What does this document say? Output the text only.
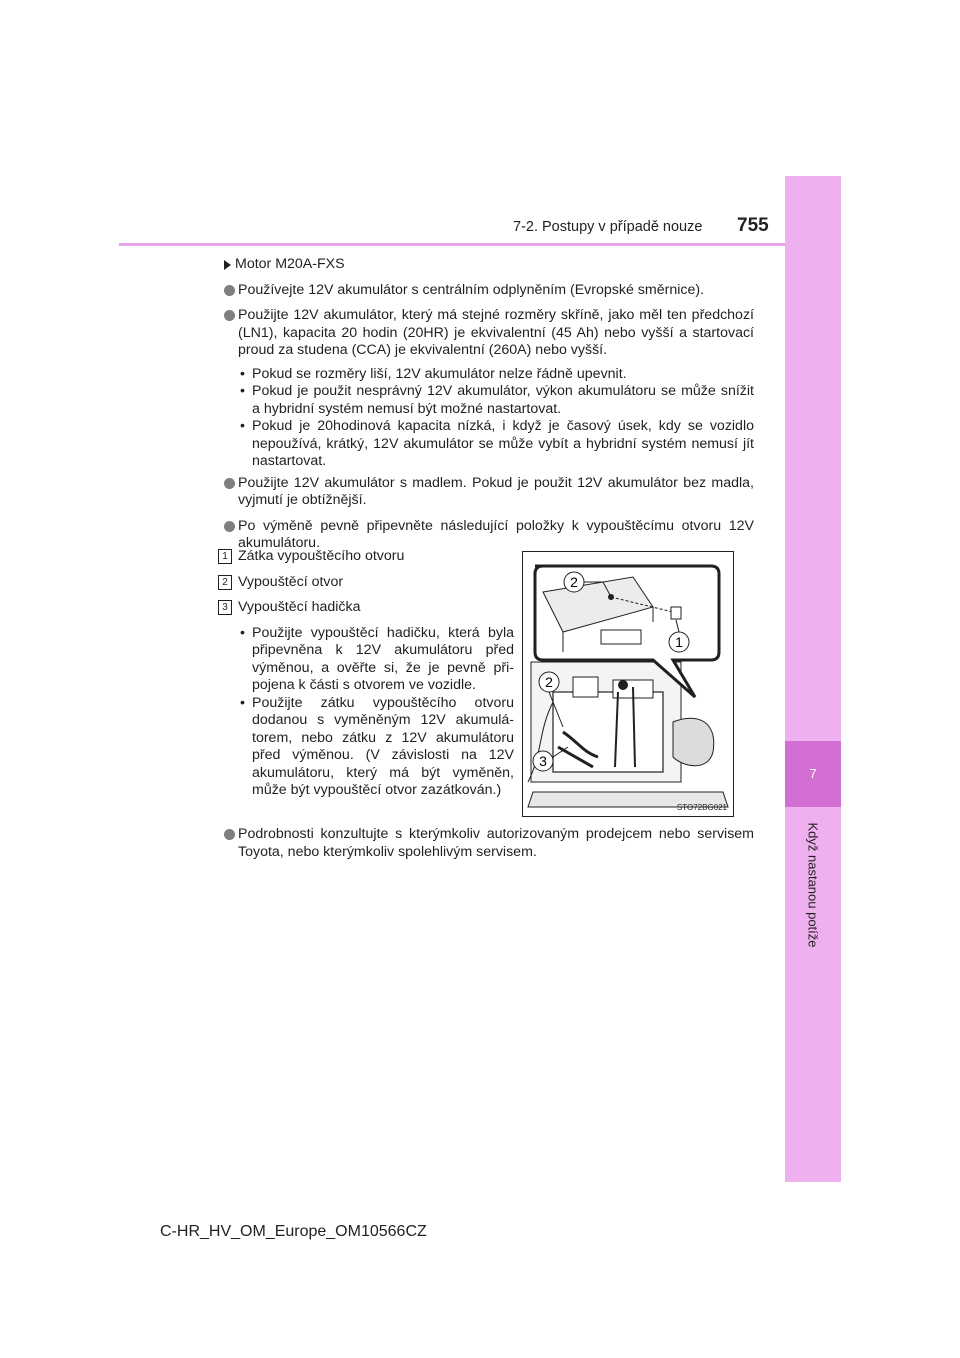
7
Když nastanou potíže
7-2. Postupy v případě nouze 755
Motor M20A-FXS
Používejte 12V akumulátor s centrálním odplyněním (Evropské směrnice).
Použijte 12V akumulátor, který má stejné rozměry skříně, jako měl ten předchozí (LN1), kapacita 20 hodin (20HR) je ekvivalentní (45 Ah) nebo vyšší a startovací proud za studena (CCA) je ekvivalentní (260A) nebo vyšší.
• Pokud se rozměry liší, 12V akumulátor nelze řádně upevnit.
• Pokud je použit nesprávný 12V akumulátor, výkon akumulátoru se může snížit a hybridní systém nemusí být možné nastartovat.
• Pokud je 20hodinová kapacita nízká, i když je časový úsek, kdy se vozidlo nepoužívá, krátký, 12V akumulátor se může vybít a hybridní systém nemusí jít nastartovat.
Použijte 12V akumulátor s madlem. Pokud je použit 12V akumulátor bez madla, vyjmutí je obtížnější.
Po výměně pevně připevněte následující položky k vypouštěcímu otvoru 12V akumulátoru.
1 Zátka vypouštěcího otvoru
2 Vypouštěcí otvor
3 Vypouštěcí hadička
• Použijte vypouštěcí hadičku, která byla připevněna k 12V akumulátoru před výměnou, a ověřte si, že je pevně připojena k části s otvorem ve vozidle.
• Použijte zátku vypouštěcího otvoru dodanou s vyměněným 12V akumulátorem, nebo zátku z 12V akumulátoru před výměnou. (V závislosti na 12V akumulátoru, který má být vyměněn, může být vypouštěcí otvor zazátkován.)
2
1
2
3
STO72BG021
Podrobnosti konzultujte s kterýmkoliv autorizovaným prodejcem nebo servisem Toyota, nebo kterýmkoliv spolehlivým servisem.
C-HR_HV_OM_Europe_OM10566CZ
